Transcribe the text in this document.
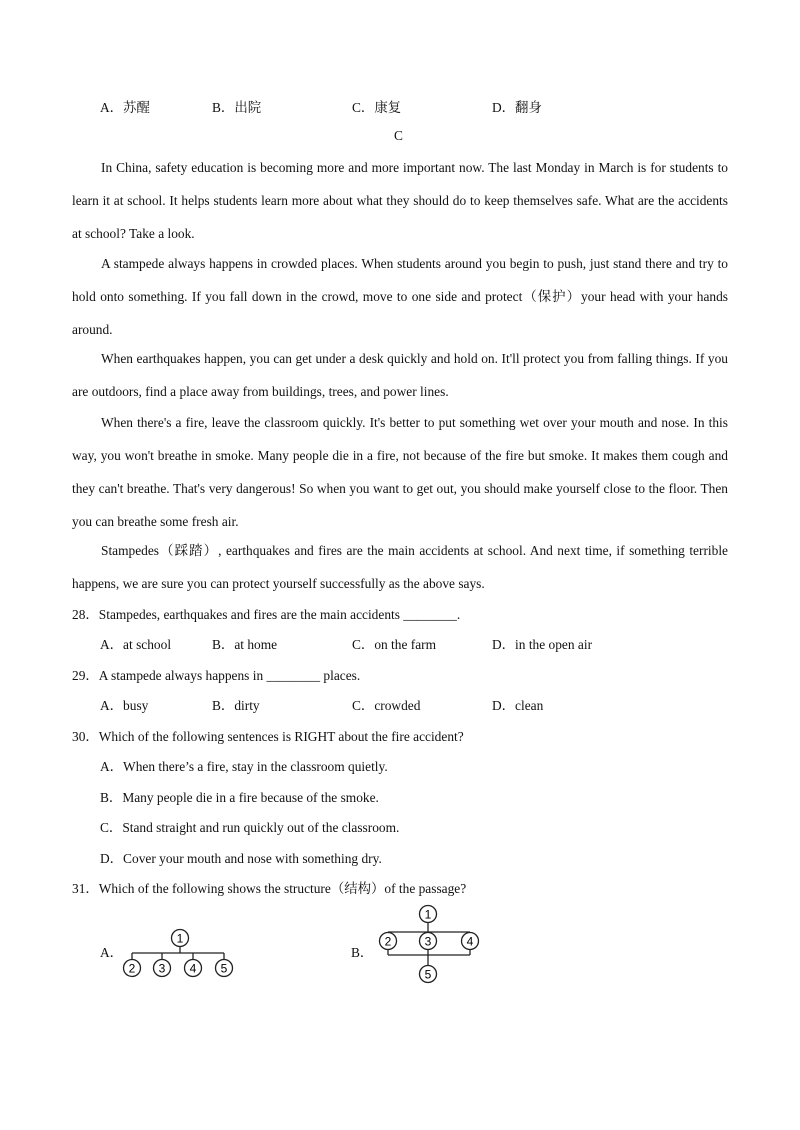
A．苏醒	B．出院	C．康复	D．翻身
C

In China, safety education is becoming more and more important now. The last Monday in March is for students to learn it at school. It helps students learn more about what they should do to keep themselves safe. What are the accidents at school? Take a look.

A stampede always happens in crowded places. When students around you begin to push, just stand there and try to hold onto something. If you fall down in the crowd, move to one side and protect（保护）your head with your hands around.

When earthquakes happen, you can get under a desk quickly and hold on. It'll protect you from falling things. If you are outdoors, find a place away from buildings, trees, and power lines.

When there's a fire, leave the classroom quickly. It's better to put something wet over your mouth and nose. In this way, you won't breathe in smoke. Many people die in a fire, not because of the fire but smoke. It makes them cough and they can't breathe. That's very dangerous! So when you want to get out, you should make yourself close to the floor. Then you can breathe some fresh air.

Stampedes（踩踏）, earthquakes and fires are the main accidents at school. And next time, if something terrible happens, we are sure you can protect yourself successfully as the above says.

28．Stampedes, earthquakes and fires are the main accidents ________.
A．at school	B．at home	C．on the farm	D．in the open air
29．A stampede always happens in ________ places.
A．busy	B．dirty	C．crowded	D．clean
30．Which of the following sentences is RIGHT about the fire accident?
A．When there’s a fire, stay in the classroom quietly.
B．Many people die in a fire because of the smoke.
C．Stand straight and run quickly out of the classroom.
D．Cover your mouth and nose with something dry.
31．Which of the following shows the structure（结构）of the passage?
A．	B．
1
2 3 4 5
1
2	3	4
5
